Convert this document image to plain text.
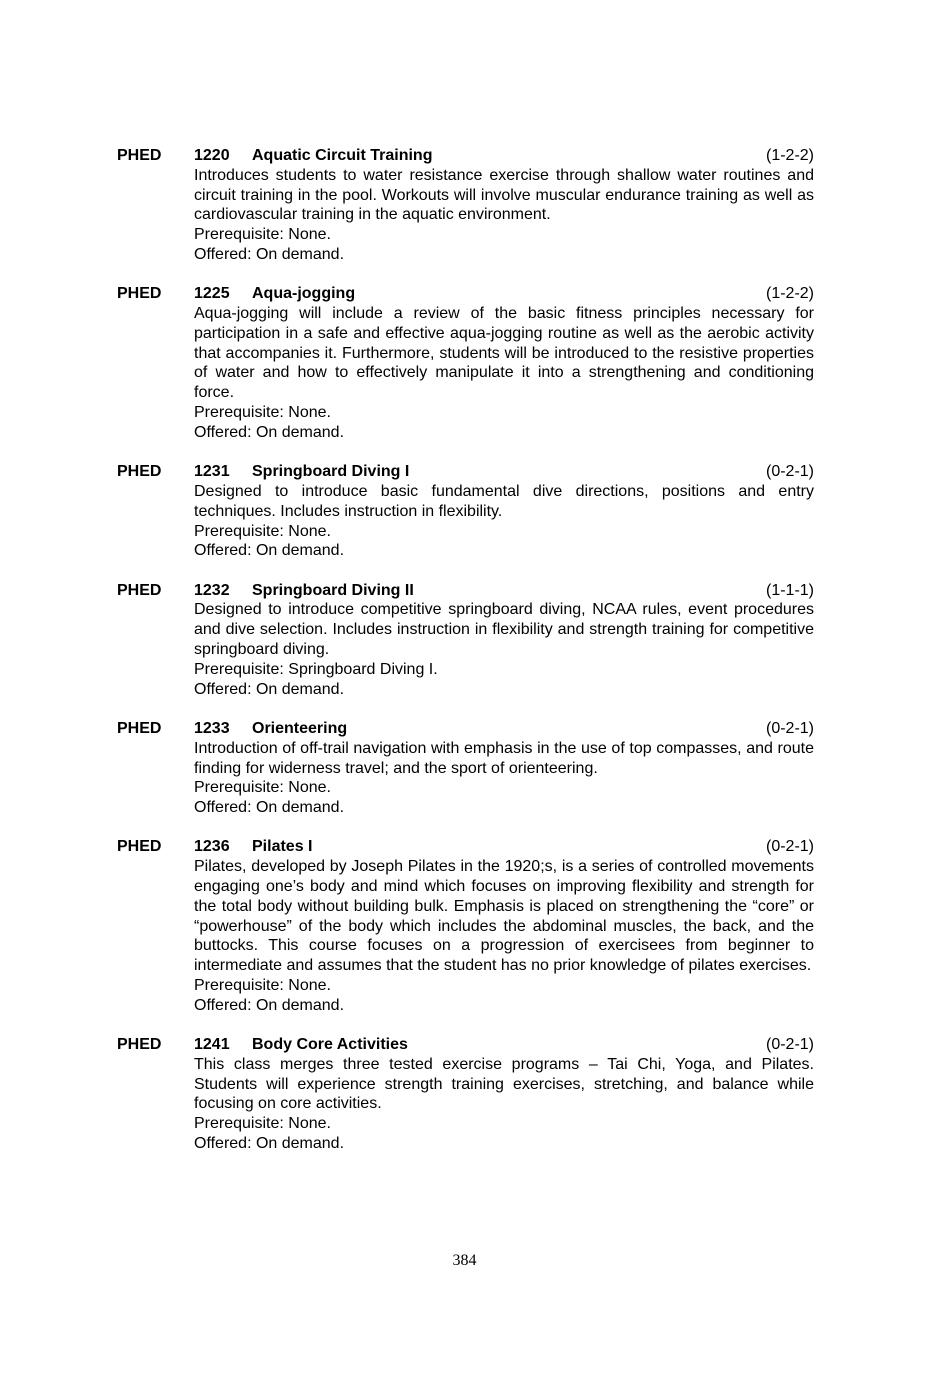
PHED	1220 Aquatic Circuit Training	(1-2-2)

Introduces students to water resistance exercise through shallow water routines and circuit training in the pool. Workouts will involve muscular endurance training as well as cardiovascular training in the aquatic environment.

Prerequisite: None.

Offered: On demand.

PHED	1225 Aqua-jogging	(1-2-2)

Aqua-jogging will include a review of the basic fitness principles necessary for participation in a safe and effective aqua-jogging routine as well as the aerobic activity that accompanies it. Furthermore, students will be introduced to the resistive properties of water and how to effectively manipulate it into a strengthening and conditioning force.

Prerequisite: None.

Offered: On demand.

PHED	1231 Springboard Diving I	(0-2-1)

Designed to introduce basic fundamental dive directions, positions and entry techniques. Includes instruction in flexibility.

Prerequisite: None.

Offered: On demand.

PHED	1232 Springboard Diving II	(1-1-1)

Designed to introduce competitive springboard diving, NCAA rules, event procedures and dive selection. Includes instruction in flexibility and strength training for competitive springboard diving.

Prerequisite: Springboard Diving I.

Offered: On demand.

PHED	1233 Orienteering	(0-2-1)

Introduction of off-trail navigation with emphasis in the use of top compasses, and route finding for widerness travel; and the sport of orienteering.

Prerequisite: None.

Offered: On demand.

PHED	1236 Pilates I	(0-2-1)

Pilates, developed by Joseph Pilates in the 1920;s, is a series of controlled movements engaging one’s body and mind which focuses on improving flexibility and strength for the total body without building bulk. Emphasis is placed on strengthening the “core” or “powerhouse” of the body which includes the abdominal muscles, the back, and the buttocks. This course focuses on a progression of exercisees from beginner to intermediate and assumes that the student has no prior knowledge of pilates exercises.

Prerequisite: None.

Offered: On demand.

PHED	1241 Body Core Activities	(0-2-1)

This class merges three tested exercise programs – Tai Chi, Yoga, and Pilates. Students will experience strength training exercises, stretching, and balance while focusing on core activities.

Prerequisite: None.

Offered: On demand.

384
